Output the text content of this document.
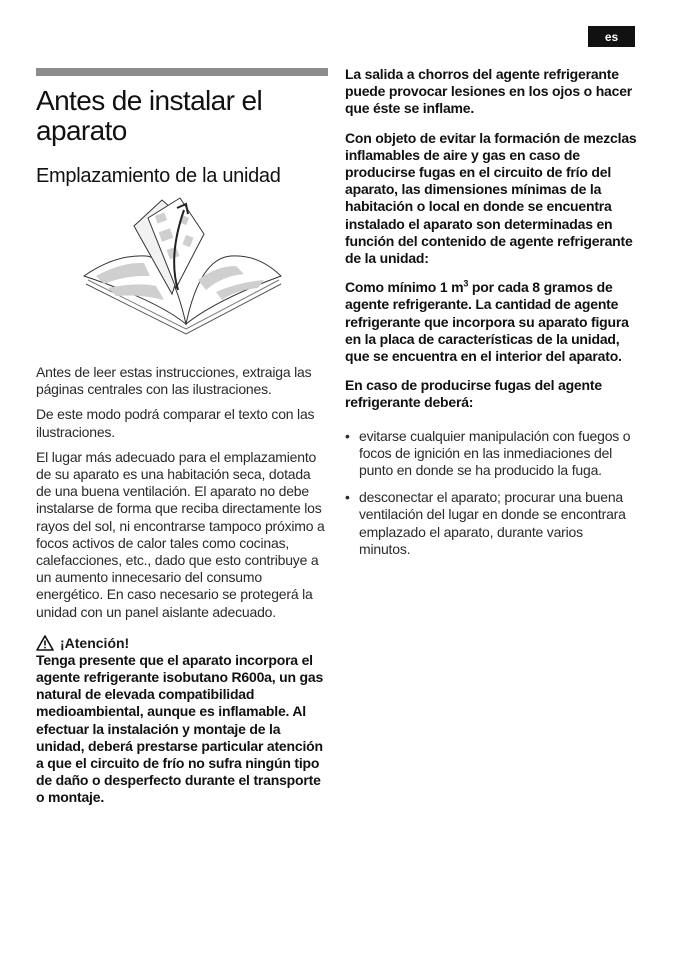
es
Antes de instalar el aparato
Emplazamiento de la unidad

Antes de leer estas instrucciones, extraiga las páginas centrales con las ilustraciones.

De este modo podrá comparar el texto con las ilustraciones.

El lugar más adecuado para el emplazamiento de su aparato es una habitación seca, dotada de una buena ventilación. El aparato no debe instalarse de forma que reciba directamente los rayos del sol, ni encontrarse tampoco próximo a focos activos de calor tales como cocinas, calefacciones, etc., dado que esto contribuye a un aumento innecesario del consumo energético. En caso necesario se protegerá la unidad con un panel aislante adecuado.

¡Atención!

Tenga presente que el aparato incorpora el agente refrigerante isobutano R600a, un gas natural de elevada compatibilidad medioambiental, aunque es inflamable. Al efectuar la instalación y montaje de la unidad, deberá prestarse particular atención a que el circuito de frío no sufra ningún tipo de daño o desperfecto durante el transporte o montaje.

La salida a chorros del agente refrigerante puede provocar lesiones en los ojos o hacer que éste se inflame.

Con objeto de evitar la formación de mezclas inflamables de aire y gas en caso de producirse fugas en el circuito de frío del aparato, las dimensiones mínimas de la habitación o local en donde se encuentra instalado el aparato son determinadas en función del contenido de agente refrigerante de la unidad:

Como mínimo 1 $m^3$ por cada 8 gramos de agente refrigerante. La cantidad de agente refrigerante que incorpora su aparato figura en la placa de características de la unidad, que se encuentra en el interior del aparato.

En caso de producirse fugas del agente refrigerante deberá:

• evitarse cualquier manipulación con fuegos o focos de ignición en las inmediaciones del punto en donde se ha producido la fuga.
• desconectar el aparato; procurar una buena ventilación del lugar en donde se encontrara emplazado el aparato, durante varios minutos.
